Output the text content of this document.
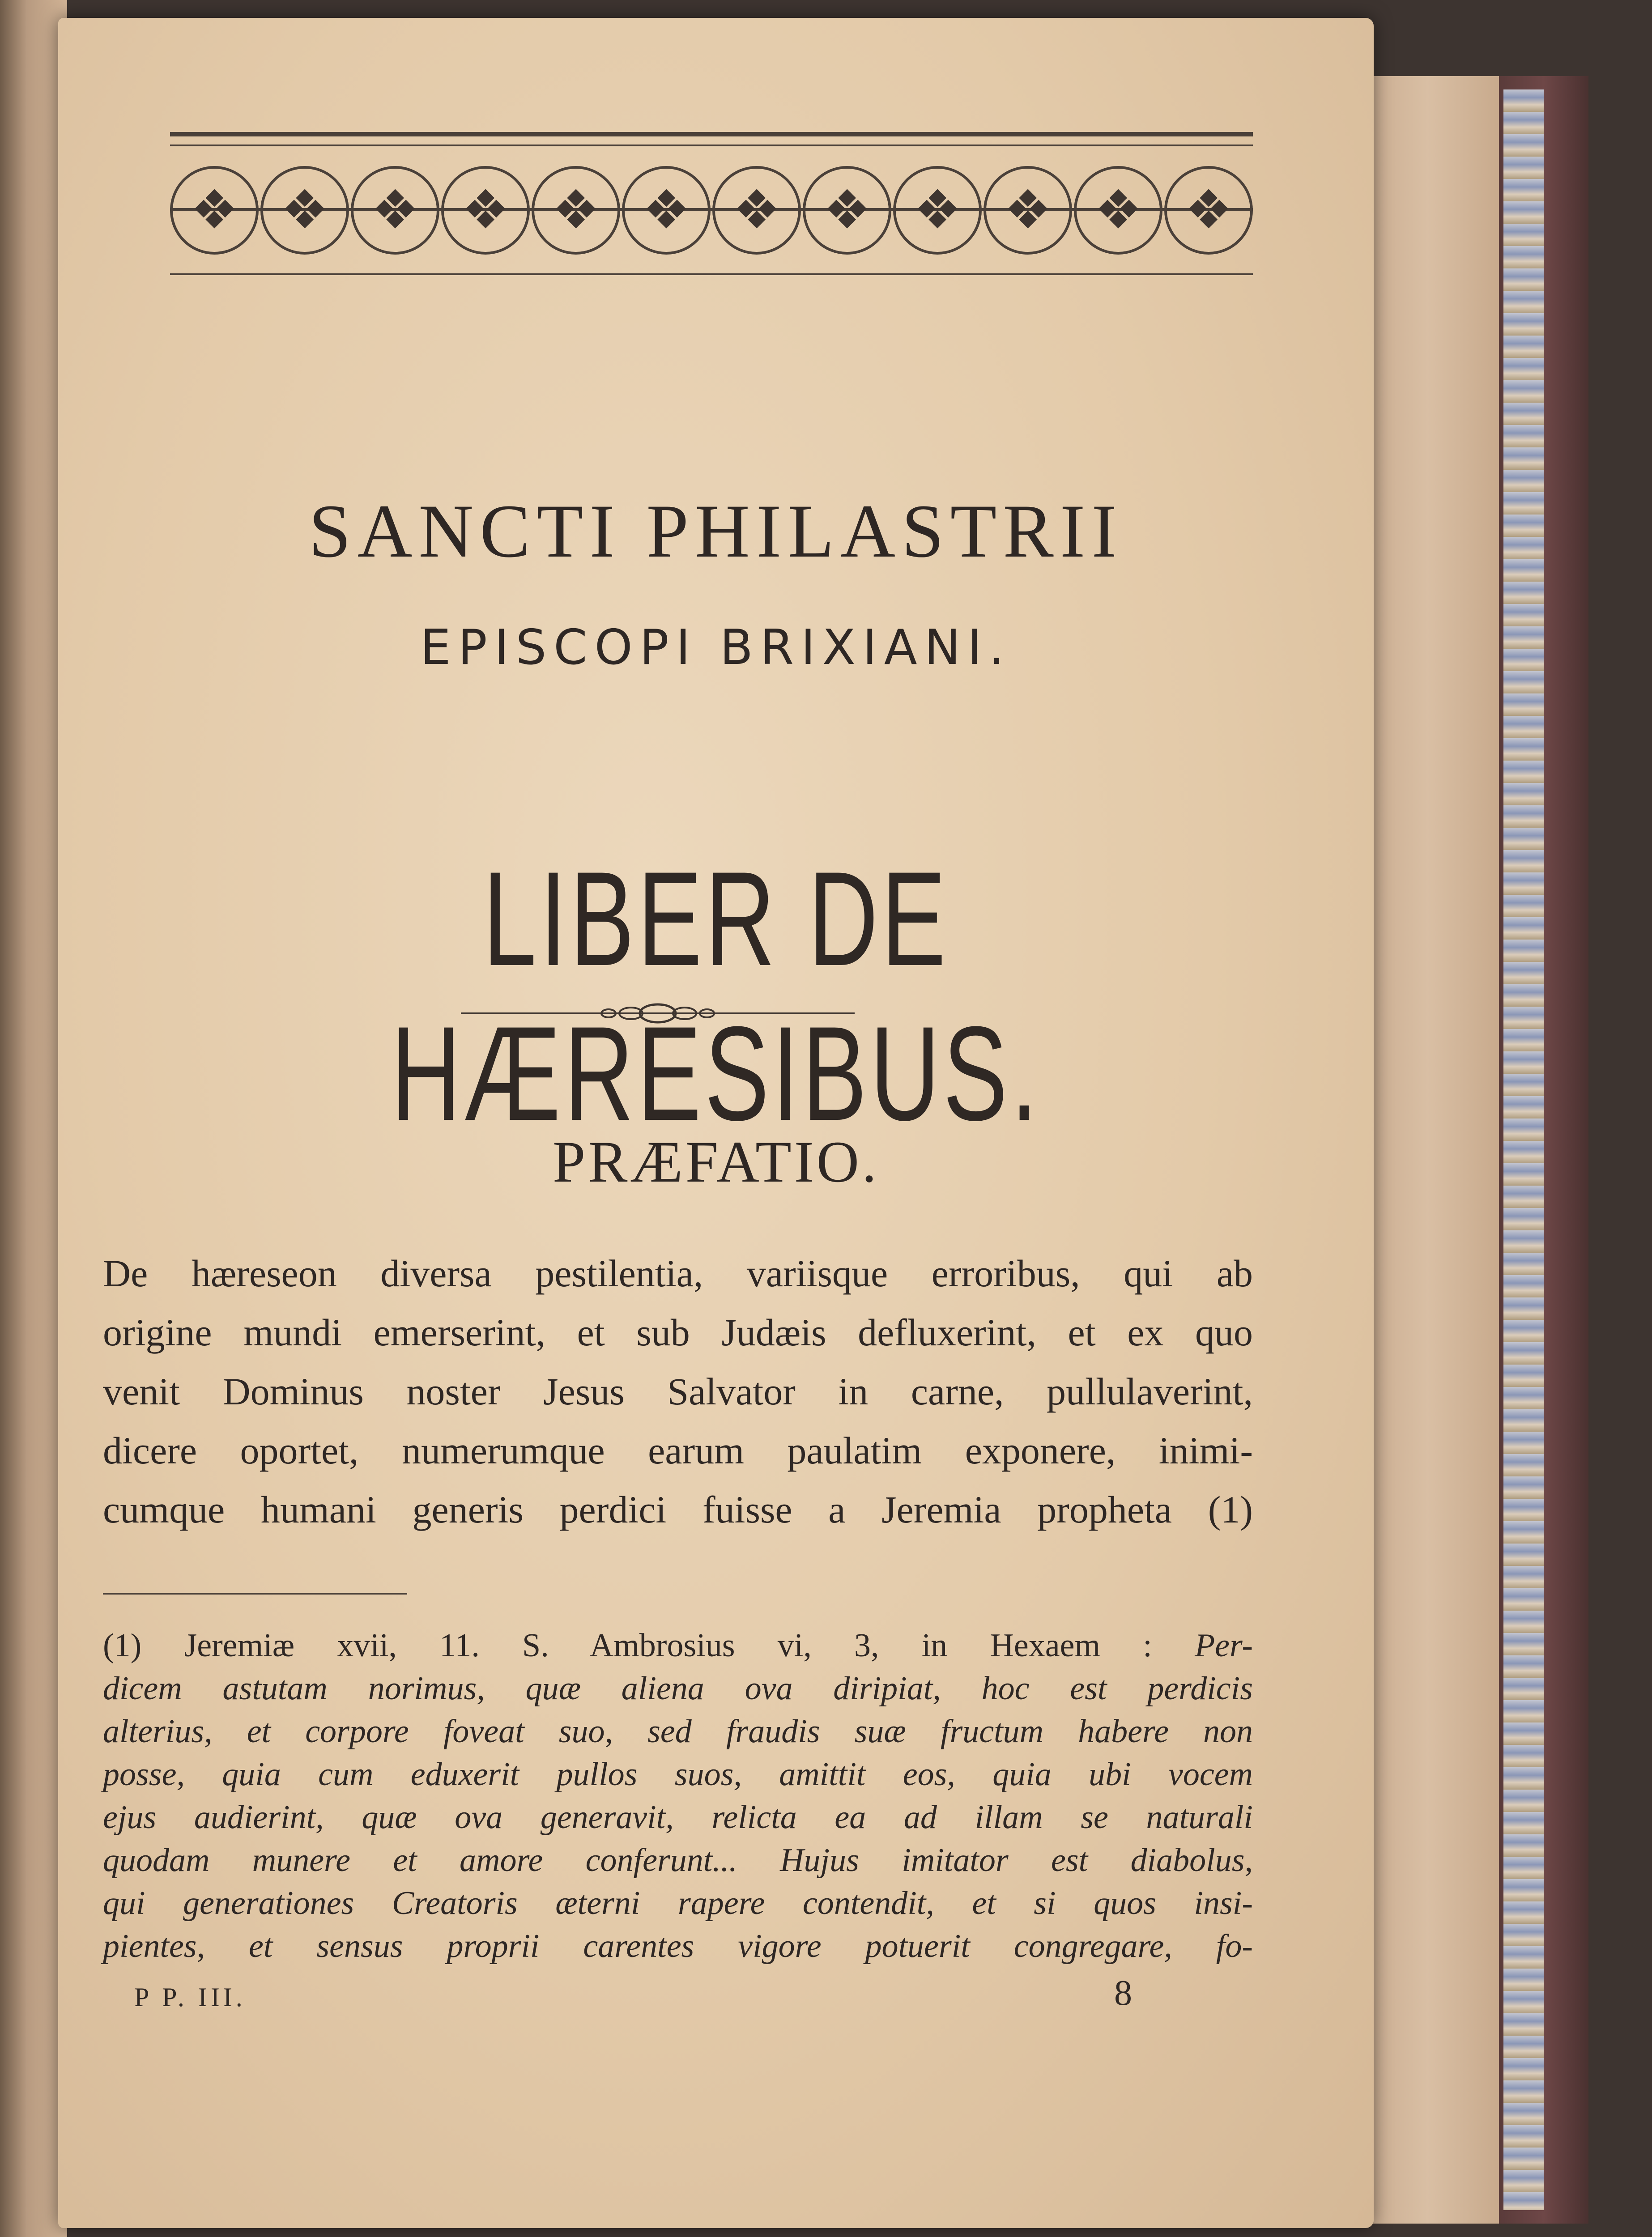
❖ ❖ ❖ ❖ ❖ ❖ ❖ ❖ ❖ ❖ ❖ ❖
SANCTI PHILASTRII
EPISCOPI BRIXIANI.
LIBER DE HÆRESIBUS.
PRÆFATIO.
De hæreseon diversa pestilentia, variisque erroribus, qui ab
origine mundi emerserint, et sub Judæis defluxerint, et ex quo
venit Dominus noster Jesus Salvator in carne, pullulaverint,
dicere oportet, numerumque earum paulatim exponere, inimi-
cumque humani generis perdici fuisse a Jeremia propheta (1)
(1) Jeremiæ xvii, 11. S. Ambrosius vi, 3, in Hexaem : Per-
dicem astutam norimus, quæ aliena ova diripiat, hoc est perdicis
alterius, et corpore foveat suo, sed fraudis suæ fructum habere non
posse, quia cum eduxerit pullos suos, amittit eos, quia ubi vocem
ejus audierint, quæ ova generavit, relicta ea ad illam se naturali
quodam munere et amore conferunt... Hujus imitator est diabolus,
qui generationes Creatoris æterni rapere contendit, et si quos insi-
pientes, et sensus proprii carentes vigore potuerit congregare, fo-
P P. III.	8
